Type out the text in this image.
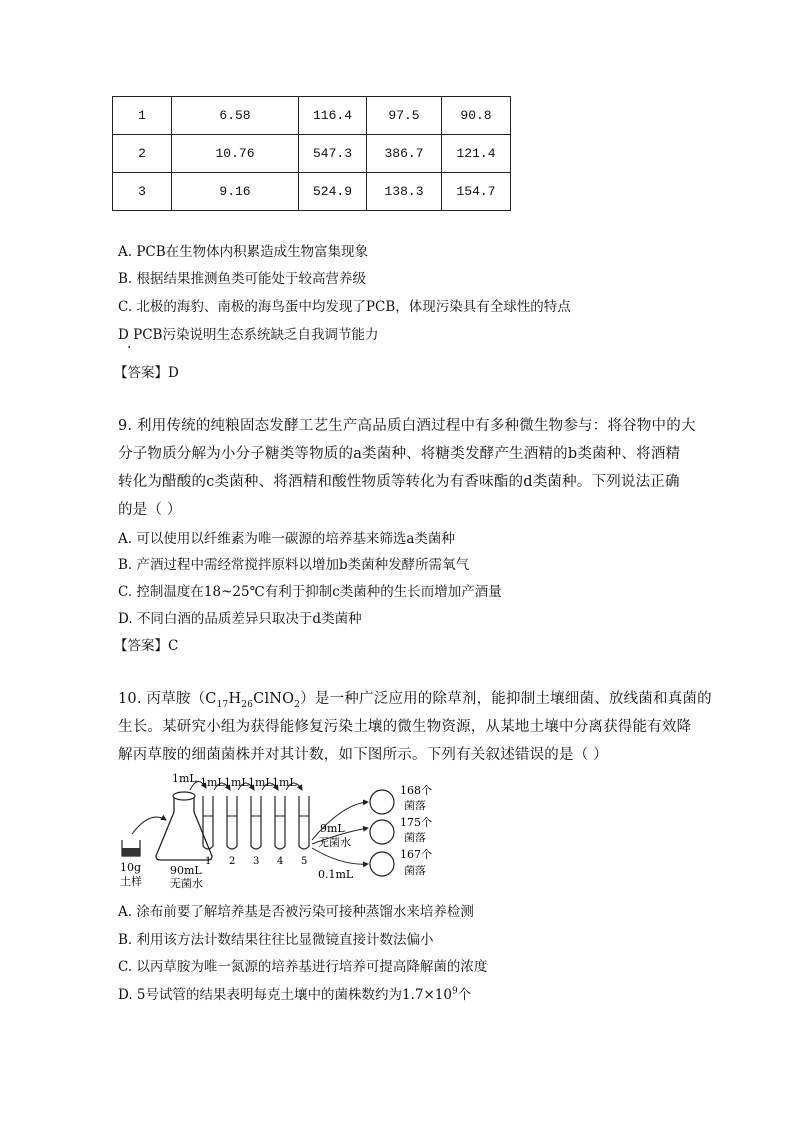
1	6.58	116.4	97.5	90.8
2	10.76	547.3	386.7	121.4
3	9.16	524.9	138.3	154.7
A. PCB在生物体内积累造成生物富集现象
B. 根据结果推测鱼类可能处于较高营养级
C. 北极的海豹、南极的海鸟蛋中均发现了PCB，体现污染具有全球性的特点
D PCB污染说明生态系统缺乏自我调节能力
·
【答案】D
9. 利用传统的纯粮固态发酵工艺生产高品质白酒过程中有多种微生物参与：将谷物中的大
分子物质分解为小分子糖类等物质的a类菌种、将糖类发酵产生酒精的b类菌种、将酒精
转化为醋酸的c类菌种、将酒精和酸性物质等转化为有香味酯的d类菌种。下列说法正确
的是（ ）
A. 可以使用以纤维素为唯一碳源的培养基来筛选a类菌种
B. 产酒过程中需经常搅拌原料以增加b类菌种发酵所需氧气
C. 控制温度在18~25℃有利于抑制c类菌种的生长而增加产酒量
D. 不同白酒的品质差异只取决于d类菌种
【答案】C
10. 丙草胺$(C_{17}H_{26}ClNO_2)$是一种广泛应用的除草剂，能抑制土壤细菌、放线菌和真菌的
生长。某研究小组为获得能修复污染土壤的微生物资源，从某地土壤中分离获得能有效降
解丙草胺的细菌菌株并对其计数，如下图所示。下列有关叙述错误的是（ ）
1mL 1mL 1mL 1mL 1mL
1 2 3 4 5
168个
菌落
175个
菌落
167个
菌落
9mL
无菌水
0.1mL
10g
土样
90mL
无菌水
A. 涂布前要了解培养基是否被污染可接种蒸馏水来培养检测
B. 利用该方法计数结果往往比显微镜直接计数法偏小
C. 以丙草胺为唯一氮源的培养基进行培养可提高降解菌的浓度
D. 5号试管的结果表明每克土壤中的菌株数约为$1.7\times 10^9$个
